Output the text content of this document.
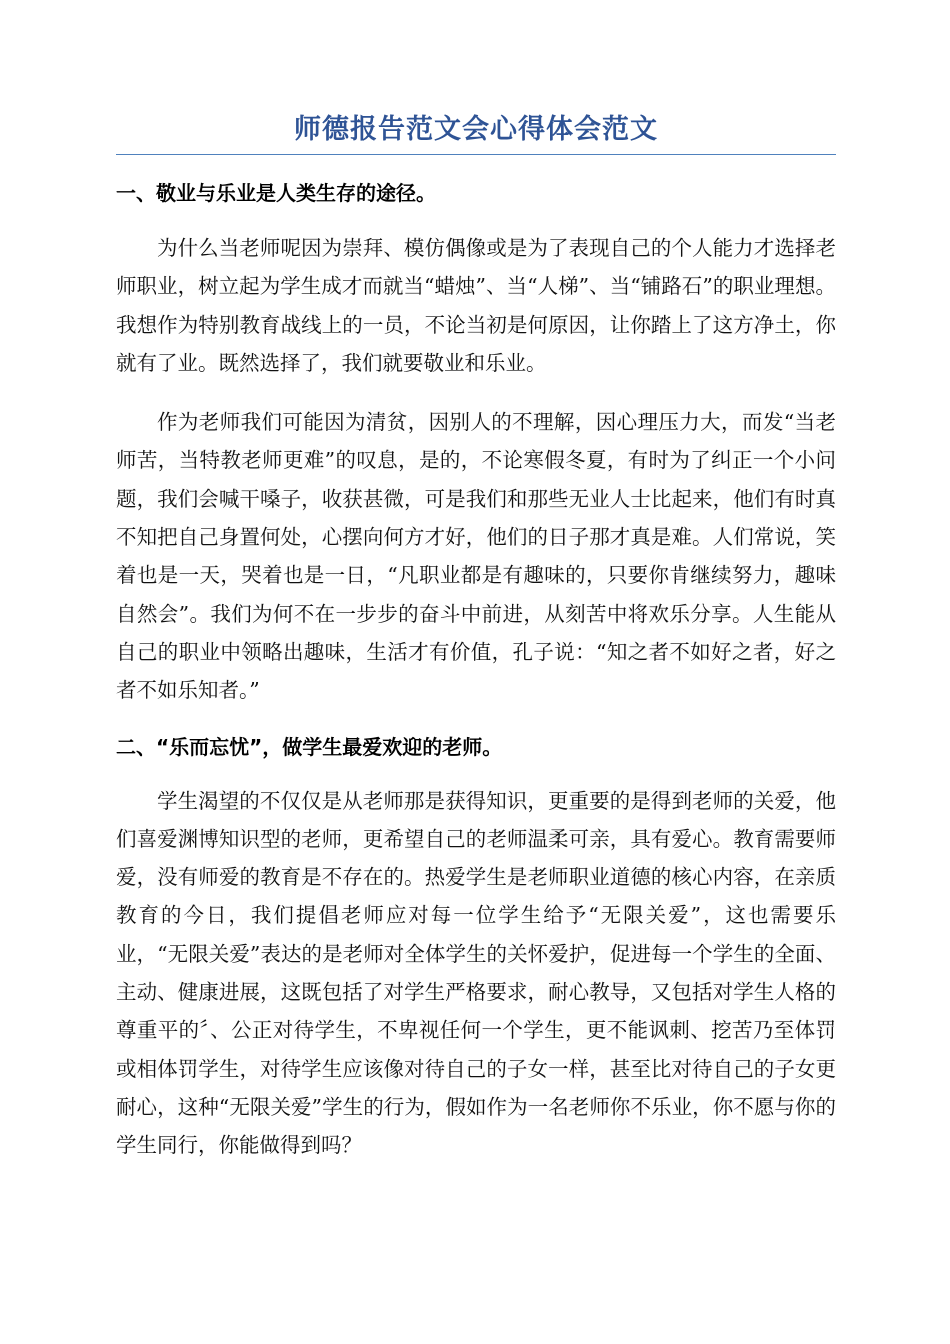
师德报告范文会心得体会范文
一、敬业与乐业是人类生存的途径。

为什么当老师呢因为崇拜、模仿偶像或是为了表现自己的个人能力才选择老师职业，树立起为学生成才而就当“蜡烛”、当“人梯”、当“铺路石”的职业理想。我想作为特别教育战线上的一员，不论当初是何原因，让你踏上了这方净土，你就有了业。既然选择了，我们就要敬业和乐业。

作为老师我们可能因为清贫，因别人的不理解，因心理压力大，而发“当老师苦，当特教老师更难”的叹息，是的，不论寒假冬夏，有时为了纠正一个小问题，我们会喊干嗓子，收获甚微，可是我们和那些无业人士比起来，他们有时真不知把自己身置何处，心摆向何方才好，他们的日子那才真是难。人们常说，笑着也是一天，哭着也是一日，“凡职业都是有趣味的，只要你肯继续努力，趣味自然会”。我们为何不在一步步的奋斗中前进，从刻苦中将欢乐分享。人生能从自己的职业中领略出趣味，生活才有价值，孔子说：“知之者不如好之者，好之者不如乐知者。”

二、“乐而忘忧”，做学生最爱欢迎的老师。

学生渴望的不仅仅是从老师那是获得知识，更重要的是得到老师的关爱，他们喜爱渊博知识型的老师，更希望自己的老师温柔可亲，具有爱心。教育需要师爱，没有师爱的教育是不存在的。热爱学生是老师职业道德的核心内容，在亲质教育的今日，我们提倡老师应对每一位学生给予“无限关爱”，这也需要乐业，“无限关爱”表达的是老师对全体学生的关怀爱护，促进每一个学生的全面、主动、健康进展，这既包括了对学生严格要求，耐心教导，又包括对学生人格的尊重平的〞、公正对待学生，不卑视任何一个学生，更不能讽刺、挖苦乃至体罚或相体罚学生，对待学生应该像对待自己的子女一样，甚至比对待自己的子女更耐心，这种“无限关爱”学生的行为，假如作为一名老师你不乐业，你不愿与你的学生同行，你能做得到吗？
